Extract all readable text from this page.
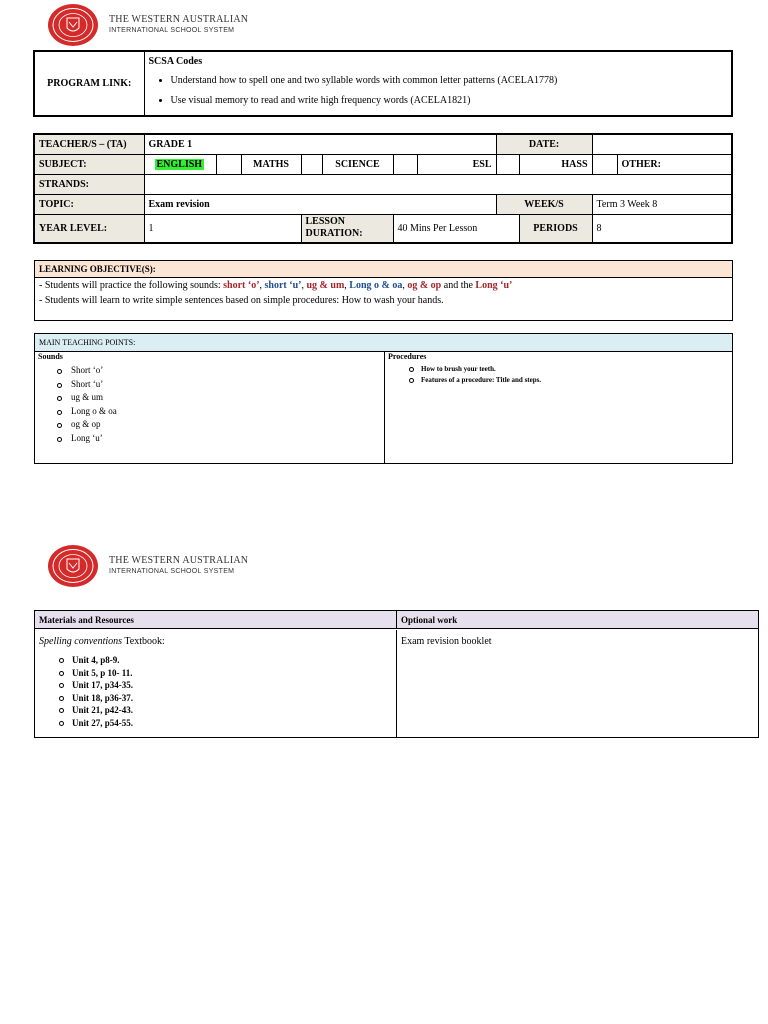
THE WESTERN AUSTRALIAN
INTERNATIONAL SCHOOL SYSTEM
PROGRAM LINK:	
SCSA Codes
• Understand how to spell one and two syllable words with common letter patterns (ACELA1778)
• Use visual memory to read and write high frequency words (ACELA1821)
TEACHER/S – (TA)	GRADE 1							DATE:			
SUBJECT:	ENGLISH		MATHS		SCIENCE		ESL		HASS		OTHER:
STRANDS:											
TOPIC:	Exam revision							WEEK/S		Term 3 Week 8	
YEAR LEVEL:	1			LESSON DURATION:		40 Mins Per Lesson			PERIODS	8	
LEARNING OBJECTIVE(S):
- Students will practice the following sounds: short ‘o’, short ‘u’, ug & um, Long o & oa, og & op and the Long ‘u’
- Students will learn to write simple sentences based on simple procedures: How to wash your hands.
MAIN TEACHING POINTS:
Sounds
Short ‘o’
Short ‘u’
ug & um
Long o & oa
og & op
Long ‘u’
Procedures
How to brush your teeth.
Features of a procedure: Title and steps.
THE WESTERN AUSTRALIAN
INTERNATIONAL SCHOOL SYSTEM
Materials and Resources	Optional work
Spelling conventions Textbook:
Unit 4, p8-9.
Unit 5, p 10- 11.
Unit 17, p34-35.
Unit 18, p36-37.
Unit 21, p42-43.
Unit 27, p54-55.
Exam revision booklet
